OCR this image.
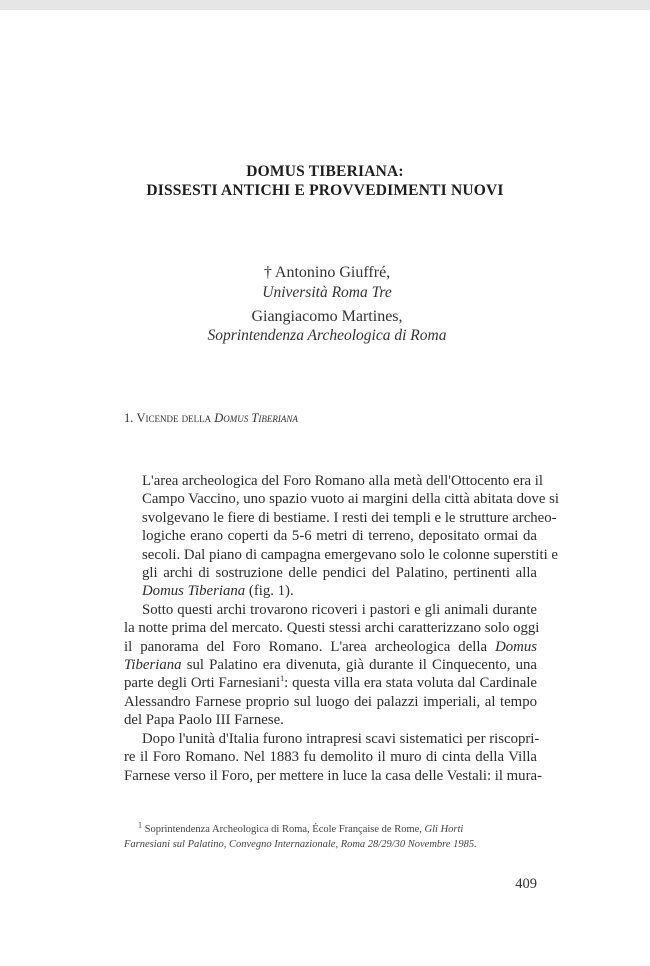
DOMUS TIBERIANA:
DISSESTI ANTICHI E PROVVEDIMENTI NUOVI
† Antonino Giuffré,
Università Roma Tre
Giangiacomo Martines,
Soprintendenza Archeologica di Roma
1. Vicende della Domus Tiberiana

L'area archeologica del Foro Romano alla metà dell'Ottocento era il
Campo Vaccino, uno spazio vuoto ai margini della città abitata dove si
svolgevano le fiere di bestiame. I resti dei templi e le strutture archeo-
logiche erano coperti da 5-6 metri di terreno, depositato ormai da
secoli. Dal piano di campagna emergevano solo le colonne superstiti e
gli archi di sostruzione delle pendici del Palatino, pertinenti alla
Domus Tiberiana (fig. 1).

Sotto questi archi trovarono ricoveri i pastori e gli animali durante
la notte prima del mercato. Questi stessi archi caratterizzano solo oggi
il panorama del Foro Romano. L'area archeologica della Domus
Tiberiana sul Palatino era divenuta, già durante il Cinquecento, una
parte degli Orti Farnesiani$^1$: questa villa era stata voluta dal Cardinale
Alessandro Farnese proprio sul luogo dei palazzi imperiali, al tempo
del Papa Paolo III Farnese.

Dopo l'unità d'Italia furono intrapresi scavi sistematici per riscopri-
re il Foro Romano. Nel 1883 fu demolito il muro di cinta della Villa
Farnese verso il Foro, per mettere in luce la casa delle Vestali: il mura-

$^1$ Soprintendenza Archeologica di Roma, École Française de Rome, Gli Horti
Farnesiani sul Palatino, Convegno Internazionale, Roma 28/29/30 Novembre 1985.
409
